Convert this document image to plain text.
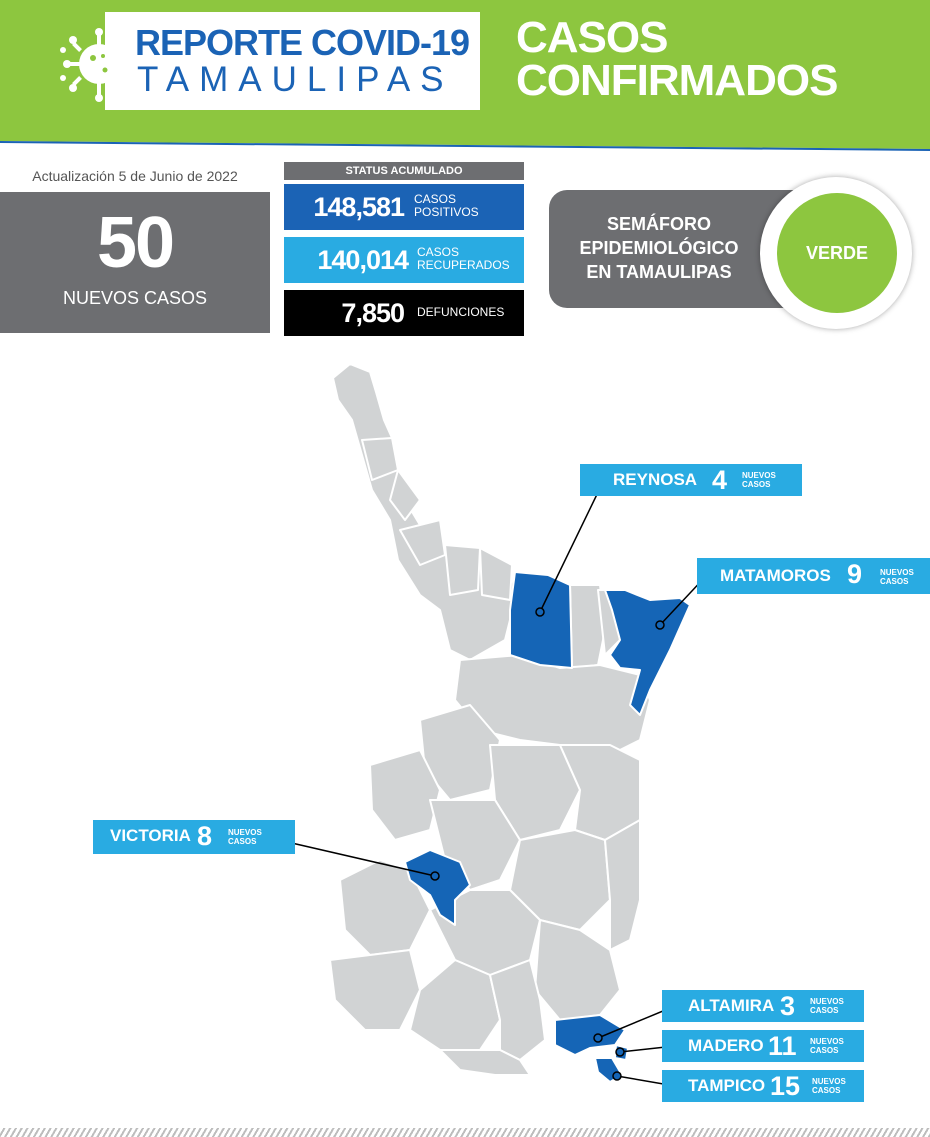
REPORTE COVID-19
TAMAULIPAS
CASOS
CONFIRMADOS
Actualización 5 de Junio de 2022
50
NUEVOS CASOS
STATUS ACUMULADO
148,581 CASOS
POSITIVOS
140,014 CASOS
RECUPERADOS
7,850 DEFUNCIONES
SEMÁFORO
EPIDEMIOLÓGICO
EN TAMAULIPAS
VERDE
REYNOSA 4 NUEVOS
CASOS
MATAMOROS 9 NUEVOS
CASOS
VICTORIA 8 NUEVOS
CASOS
ALTAMIRA 3 NUEVOS
CASOS
MADERO 11 NUEVOS
CASOS
TAMPICO 15 NUEVOS
CASOS
